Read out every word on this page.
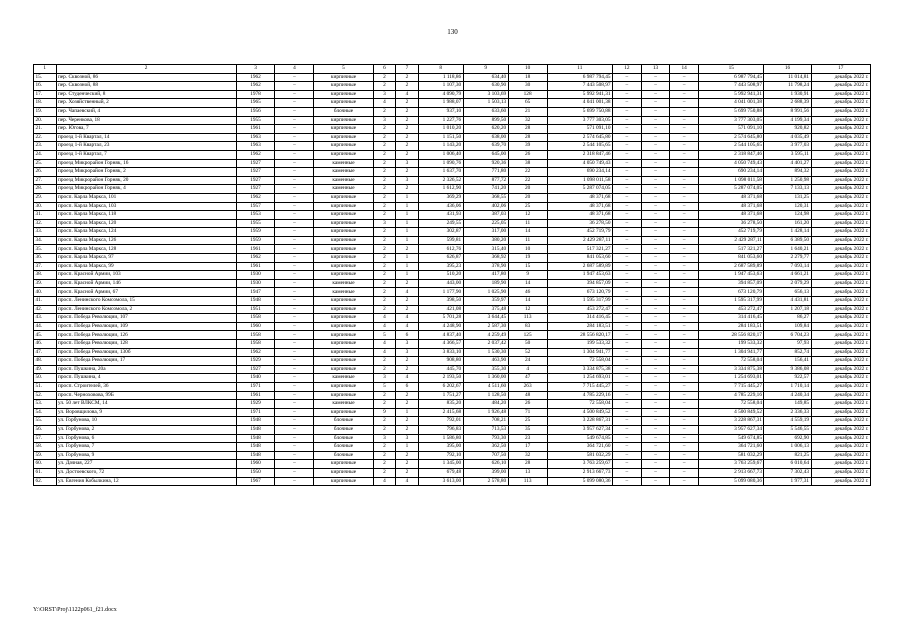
130
1	2	3	4	5	6	7	8	9	10	11	12	13	14	15	16	17
15.	пер. Сквозной, 86	1962	–	кирпичные	2	2	1 118,86	634,40	18	6 987 794,45	–	–	–	6 987 794,45	11 014,81	декабрь 2022 г.
16.	пер. Сквозной, 88	1962	–	кирпичные	2	2	1 107,30	630,90	30	7 443 508,97	–	–	–	7 443 508,97	11 798,24	декабрь 2022 г.
17.	пер. Студенческий, 8	1978	–	кирпичные	3	4	4 090,79	3 103,69	128	5 992 941,31	–	–	–	5 992 941,31	1 930,91	декабрь 2022 г.
18.	пер. Хозяйственный, 2	1965	–	кирпичные	4	2	1 988,07	1 503,13	65	4 041 001,38	–	–	–	4 041 001,38	2 688,39	декабрь 2022 г.
19.	пер. Чапаевский, 4	1956	–	блочные	2	2	937,10	633,60	21	5 699 750,88	–	–	–	5 699 750,88	8 991,56	декабрь 2022 г.
20.	пер. Черенкова, 18	1955	–	кирпичные	3	2	1 227,76	899,50	32	3 777 303,05	–	–	–	3 777 303,05	4 199,34	декабрь 2022 г.
21.	пер. Югова, 7	1961	–	кирпичные	2	2	1 010,20	620,20	28	571 091,10	–	–	–	571 091,10	920,82	декабрь 2022 г.
22.	проезд 1-й Квартал, 14	1963	–	кирпичные	2	2	1 151,50	638,00	28	2 574 645,80	–	–	–	2 574 645,80	4 035,49	декабрь 2022 г.
23.	проезд 1-й Квартал, 23	1963	–	кирпичные	2	2	1 143,20	639,70	39	2 544 105,65	–	–	–	2 544 105,65	3 977,03	декабрь 2022 г.
24.	проезд 1-й Квартал, 7	1962	–	кирпичные	2	2	1 006,40	645,00	26	2 318 847,46	–	–	–	2 318 847,46	3 595,11	декабрь 2022 г.
25.	проезд Микрорайон Горняк, 16	1927	–	каменные	2	3	1 090,76	920,36	38	4 050 749,43	–	–	–	4 050 749,43	4 401,27	декабрь 2022 г.
26.	проезд Микрорайон Горняк, 2	1927	–	каменные	2	2	1 637,70	771,80	22	690 234,14	–	–	–	690 234,14	894,32	декабрь 2022 г.
27.	проезд Микрорайон Горняк, 20	1927	–	каменные	2	3	2 326,52	877,72	22	1 098 011,58	–	–	–	1 098 011,58	1 250,98	декабрь 2022 г.
28.	проезд Микрорайон Горняк, 4	1927	–	каменные	2	2	1 612,90	741,20	20	5 287 074,05	–	–	–	5 287 074,05	7 133,13	декабрь 2022 г.
29.	просп. Карла Маркса, 101	1962	–	кирпичные	2	1	369,29	368,55	20	48 371,68	–	–	–	48 371,68	131,25	декабрь 2022 г.
30.	просп. Карла Маркса, 103	1957	–	кирпичные	2	1	436,06	402,06	25	48 371,68	–	–	–	48 371,68	120,31	декабрь 2022 г.
31.	просп. Карла Маркса, 118	1953	–	кирпичные	2	1	431,93	387,03	12	48 371,68	–	–	–	48 371,68	124,98	декабрь 2022 г.
32.	просп. Карла Маркса, 120	1955	–	кирпичные	3	1	249,55	225,05	11	36 278,50	–	–	–	36 278,50	161,20	декабрь 2022 г.
33.	просп. Карла Маркса, 124	1959	–	кирпичные	2	1	302,87	317,00	14	452 719,79	–	–	–	452 719,79	1 428,14	декабрь 2022 г.
34.	просп. Карла Маркса, 126	1959	–	кирпичные	2	1	599,81	380,20	11	2 429 287,11	–	–	–	2 429 287,11	6 389,50	декабрь 2022 г.
35.	просп. Карла Маркса, 128	1961	–	кирпичные	2	2	612,76	315,40	10	517 321,27	–	–	–	517 321,27	1 640,21	декабрь 2022 г.
36.	просп. Карла Маркса, 97	1962	–	кирпичные	2	1	626,87	368,92	19	841 053,60	–	–	–	841 053,60	2 279,77	декабрь 2022 г.
37.	просп. Карла Маркса, 99	1961	–	кирпичные	2	1	395,23	378,90	15	2 687 589,89	–	–	–	2 687 589,89	7 093,14	декабрь 2022 г.
38.	просп. Красной Армии, 103	1930	–	кирпичные	2	1	510,20	417,80	9	1 947 453,63	–	–	–	1 947 453,63	4 661,21	декабрь 2022 г.
39.	просп. Красной Армии, 146	1930	–	каменные	2	2	443,00	189,90	14	394 857,09	–	–	–	394 857,09	2 079,29	декабрь 2022 г.
40.	просп. Красной Армии, 67	1947	–	каменные	2	4	1 177,90	1 025,90	46	673 120,79	–	–	–	673 120,79	656,13	декабрь 2022 г.
41.	просп. Ленинского Комсомола, 15	1948	–	кирпичные	2	2	398,50	359,97	14	1 595 317,99	–	–	–	1 595 317,99	4 431,81	декабрь 2022 г.
42.	просп. Ленинского Комсомола, 2	1951	–	кирпичные	2	2	421,08	375,48	12	453 272,47	–	–	–	453 272,47	1 207,18	декабрь 2022 г.
43.	просп. Победа Революции, 107	1958	–	кирпичные	4	4	5 701,28	3 644,45	113	314 416,45	–	–	–	314 416,45	86,27	декабрь 2022 г.
44.	просп. Победа Революции, 109	1960	–	кирпичные	4	4	4 248,90	2 587,30	83	284 183,51	–	–	–	284 183,51	109,84	декабрь 2022 г.
45.	просп. Победа Революции, 126	1958	–	кирпичные	5	6	4 837,40	4 259,49	125	28 556 820,17	–	–	–	28 556 820,17	6 704,23	декабрь 2022 г.
46.	просп. Победа Революции, 128	1958	–	кирпичные	4	3	4 366,57	2 037,42	50	199 533,32	–	–	–	199 533,32	97,93	декабрь 2022 г.
47.	просп. Победа Революции, 130б	1962	–	кирпичные	4	3	3 833,10	1 530,30	52	1 304 941,77	–	–	–	1 304 941,77	852,74	декабрь 2022 г.
48.	просп. Победа Революции, 17	1929	–	кирпичные	2	2	908,80	463,90	24	72 558,04	–	–	–	72 558,04	156,41	декабрь 2022 г.
49.	просп. Пушкина, 20а	1927	–	кирпичные	2	2	445,70	355,30	4	3 334 875,38	–	–	–	3 334 875,38	9 386,08	декабрь 2022 г.
50.	просп. Пушкина, 4	1940	–	каменные	3	4	2 193,50	1 360,00	47	1 254 693,01	–	–	–	1 254 693,01	922,57	декабрь 2022 г.
51.	просп. Строителей, 36	1971	–	кирпичные	5	6	6 202,67	4 511,60	263	7 715 445,27	–	–	–	7 715 445,27	1 710,14	декабрь 2022 г.
52.	просп. Черноховова, 99Б	1961	–	кирпичные	2	2	1 751,27	1 128,50	48	4 785 229,16	–	–	–	4 785 229,16	4 240,34	декабрь 2022 г.
53.	ул. 50 лет ВЛКСМ, 14	1929	–	каменные	2	2	835,20	484,20	26	72 558,04	–	–	–	72 558,04	149,85	декабрь 2022 г.
54.	ул. Воровщилова, 9	1971	–	кирпичные	9	1	2 415,68	1 926,48	71	4 500 849,52	–	–	–	4 500 849,52	2 336,33	декабрь 2022 г.
55.	ул. Горбунова, 10	1948	–	блочные	2	2	792,01	708,21	25	3 228 867,31	–	–	–	3 228 867,31	4 559,19	декабрь 2022 г.
56.	ул. Горбунова, 2	1948	–	блочные	2	2	796,83	713,53	35	3 957 627,34	–	–	–	3 957 627,34	5 546,55	декабрь 2022 г.
57.	ул. Горбунова, 6	1948	–	блочные	3	3	1 586,80	793,30	23	549 674,85	–	–	–	549 674,85	692,90	декабрь 2022 г.
58.	ул. Горбунова, 7	1948	–	блочные	2	1	395,00	362,50	17	364 721,60	–	–	–	364 721,60	1 006,13	декабрь 2022 г.
59.	ул. Горбунова, 9	1948	–	блочные	2	2	792,10	707,50	32	581 032,29	–	–	–	581 032,29	821,25	декабрь 2022 г.
60.	ул. Дачная, 227	1960	–	кирпичные	2	2	1 345,00	626,10	28	3 763 259,67	–	–	–	3 763 259,67	6 010,64	декабрь 2022 г.
61.	ул. Достоевского, 72	1950	–	кирпичные	2	2	679,48	399,00	13	2 913 667,73	–	–	–	2 913 667,73	7 302,43	декабрь 2022 г.
62.	ул. Евгения Кобылкина, 12	1967	–	кирпичные	4	4	3 613,00	2 578,80	113	5 099 080,36	–	–	–	5 099 080,36	1 977,31	декабрь 2022 г.
Y:\ORST\Proj\1122p061_f21.docx
